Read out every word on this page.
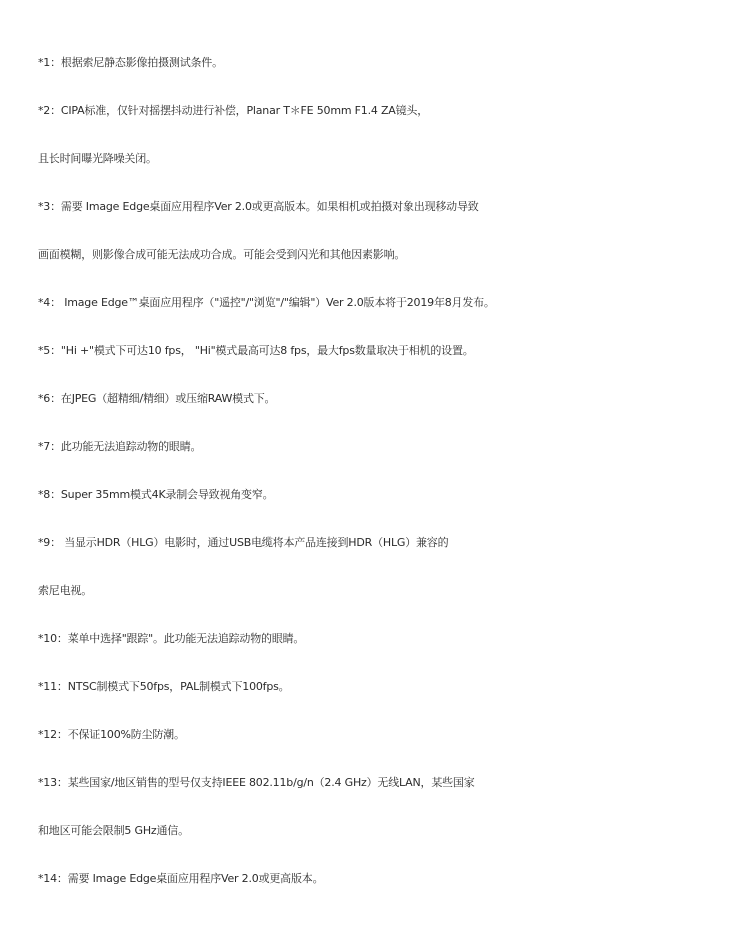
*1：根据索尼静态影像拍摄测试条件。
*2：CIPA标准，仅针对摇摆抖动进行补偿，Planar T＊FE 50mm F1.4 ZA镜头，
且长时间曝光降噪关闭。
*3：需要 Image Edge桌面应用程序Ver 2.0或更高版本。如果相机或拍摄对象出现移动导致
画面模糊，则影像合成可能无法成功合成。可能会受到闪光和其他因素影响。
*4： Image Edge™桌面应用程序（"遥控"/"浏览"/"编辑"）Ver 2.0版本将于2019年8月发布。
*5："Hi +"模式下可达10 fps， "Hi"模式最高可达8 fps，最大fps数量取决于相机的设置。
*6：在JPEG（超精细/精细）或压缩RAW模式下。
*7：此功能无法追踪动物的眼睛。
*8：Super 35mm模式4K录制会导致视角变窄。
*9： 当显示HDR（HLG）电影时，通过USB电缆将本产品连接到HDR（HLG）兼容的
索尼电视。
*10：菜单中选择"跟踪"。此功能无法追踪动物的眼睛。
*11：NTSC制模式下50fps，PAL制模式下100fps。
*12：不保证100%防尘防潮。
*13：某些国家/地区销售的型号仅支持IEEE 802.11b/g/n（2.4 GHz）无线LAN，某些国家
和地区可能会限制5 GHz通信。
*14：需要 Image Edge桌面应用程序Ver 2.0或更高版本。
